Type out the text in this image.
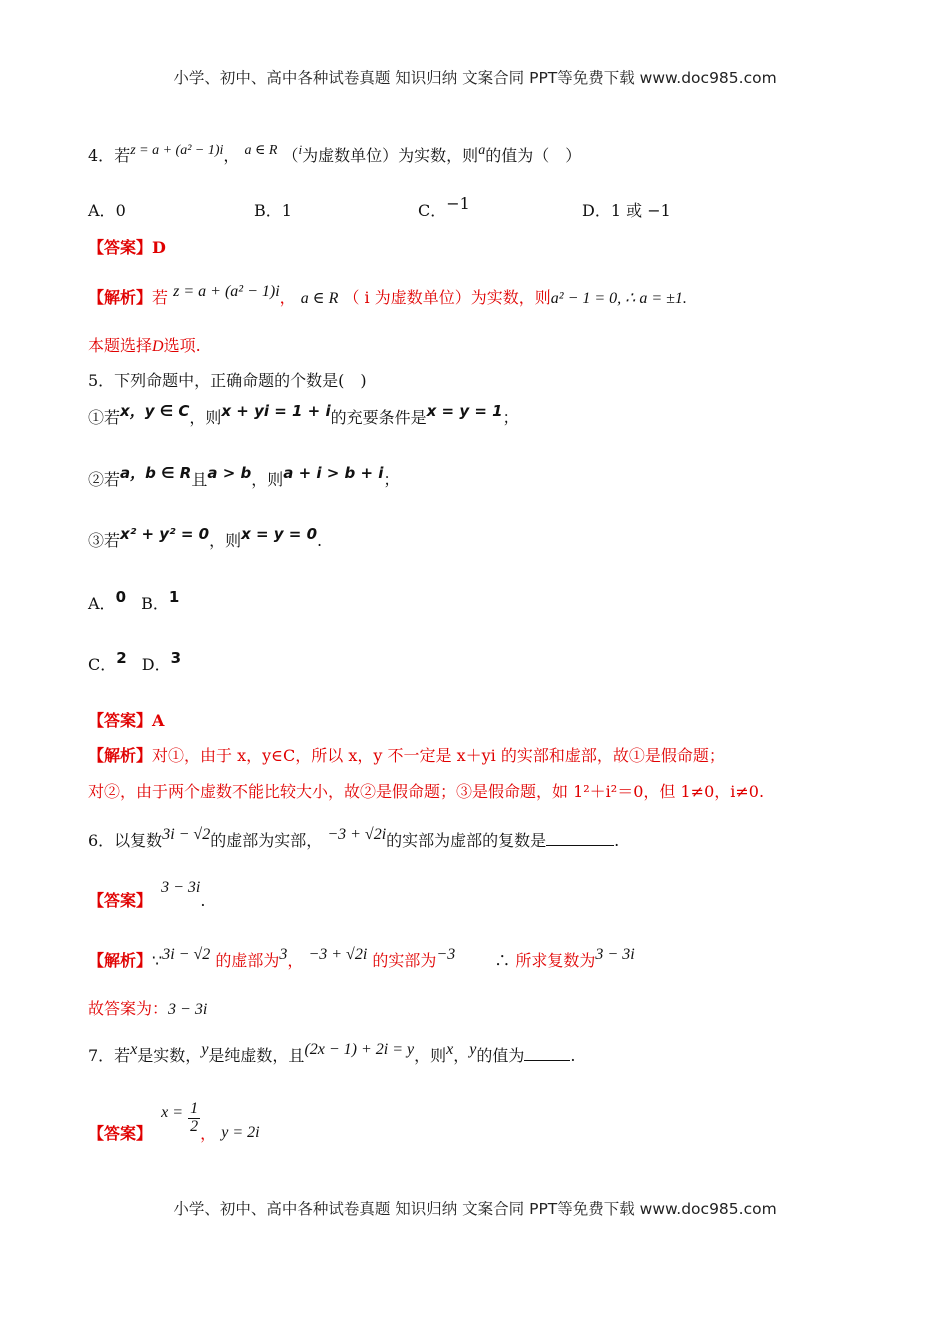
小学、初中、高中各种试卷真题 知识归纳 文案合同 PPT等免费下载 www.doc985.com
4．若z = a + (a² − 1)i， a ∈ R （$^i$为虚数单位）为实数，则a的值为（　）
A．0	B．1	C．−1	D．1 或 −1
【答案】D
【解析】若 z = a + (a² − 1)i， a ∈ R （ i 为虚数单位）为实数，则a² − 1 = 0, ∴ a = ±1.
本题选择D选项.
5．下列命题中，正确命题的个数是(　)
①若x，y ∈ C，则x + yi = 1 + i的充要条件是x = y = 1；
②若a，b ∈ R且a > b，则a + i > b + i；
③若x² + y² = 0，则x = y = 0.
A．0 B．1
C．2 D．3
【答案】A
【解析】对①，由于 x，y∈C，所以 x，y 不一定是 x＋yi 的实部和虚部，故①是假命题；
对②，由于两个虚数不能比较大小，故②是假命题；③是假命题，如 1²＋i²＝0，但 1≠0，i≠0.
6．以复数3i − √2的虚部为实部， −3 + √2i的实部为虚部的复数是	.
【答案】 3 − 3i.
【解析】∵3i − √2 的虚部为3， −3 + √2i 的实部为−3 ∴ 所求复数为3 − 3i
故答案为：3 − 3i
7．若x是实数，y是纯虚数，且(2x − 1) + 2i = y，则x，y的值为	.
【答案】 $x = \frac{1}{2}$ ， y = 2i
小学、初中、高中各种试卷真题 知识归纳 文案合同 PPT等免费下载 www.doc985.com
